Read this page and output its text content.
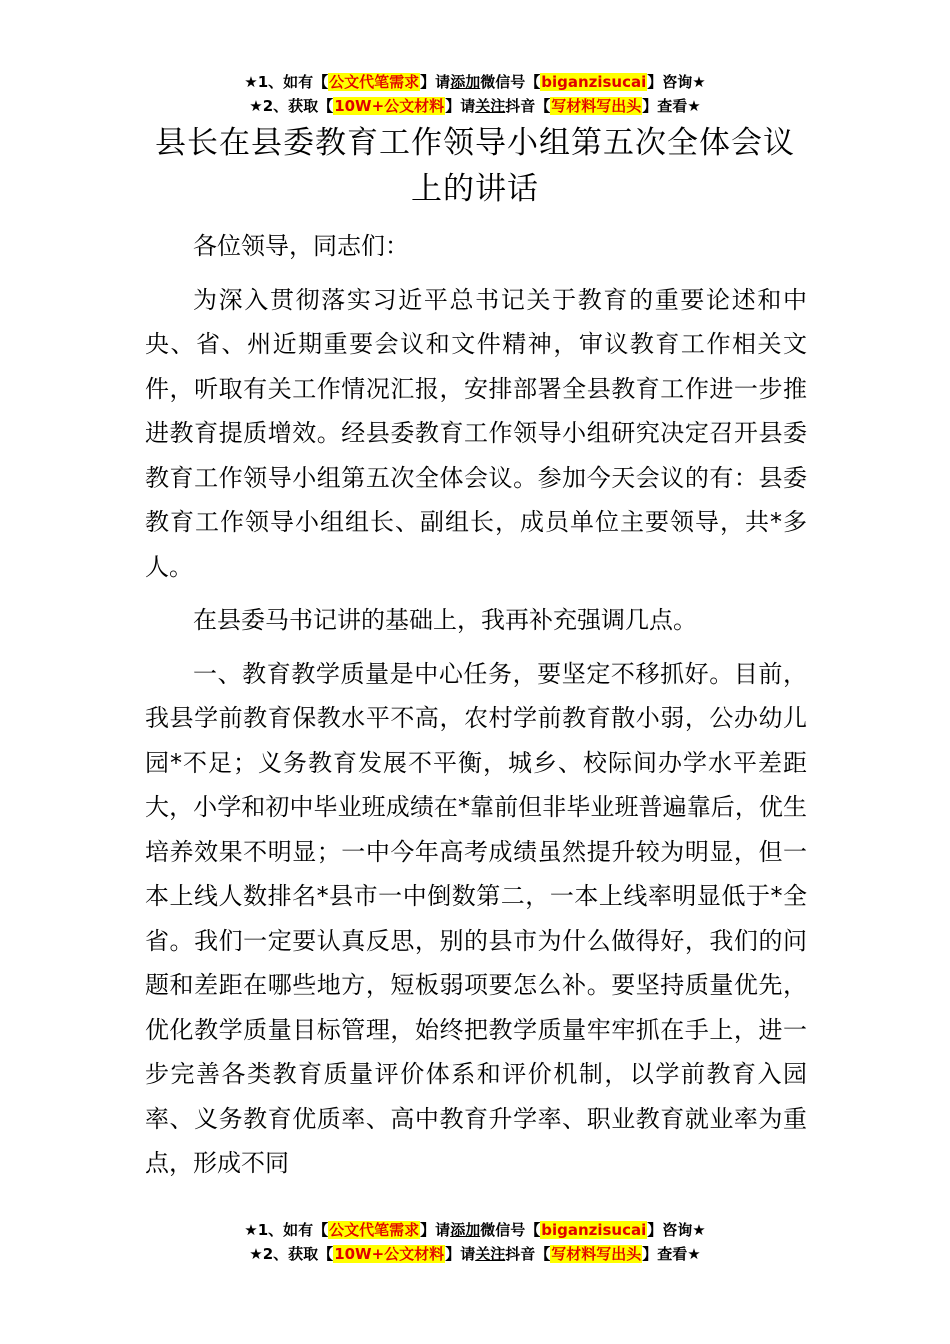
★1、如有【公文代笔需求】请添加微信号【biganzisucai】咨询★
★2、获取【10W+公文材料】请关注抖音【写材料写出头】查看★
县长在县委教育工作领导小组第五次全体会议上的讲话

各位领导，同志们：

为深入贯彻落实习近平总书记关于教育的重要论述和中央、省、州近期重要会议和文件精神，审议教育工作相关文件，听取有关工作情况汇报，安排部署全县教育工作进一步推进教育提质增效。经县委教育工作领导小组研究决定召开县委教育工作领导小组第五次全体会议。参加今天会议的有：县委教育工作领导小组组长、副组长，成员单位主要领导，共*多人。

在县委马书记讲的基础上，我再补充强调几点。

一、教育教学质量是中心任务，要坚定不移抓好。目前，我县学前教育保教水平不高，农村学前教育散小弱，公办幼儿园*不足；义务教育发展不平衡，城乡、校际间办学水平差距大，小学和初中毕业班成绩在*靠前但非毕业班普遍靠后，优生培养效果不明显；一中今年高考成绩虽然提升较为明显，但一本上线人数排名*县市一中倒数第二，一本上线率明显低于*全省。我们一定要认真反思，别的县市为什么做得好，我们的问题和差距在哪些地方，短板弱项要怎么补。要坚持质量优先，优化教学质量目标管理，始终把教学质量牢牢抓在手上，进一步完善各类教育质量评价体系和评价机制，以学前教育入园率、义务教育优质率、高中教育升学率、职业教育就业率为重点，形成不同

★1、如有【公文代笔需求】请添加微信号【biganzisucai】咨询★
★2、获取【10W+公文材料】请关注抖音【写材料写出头】查看★
